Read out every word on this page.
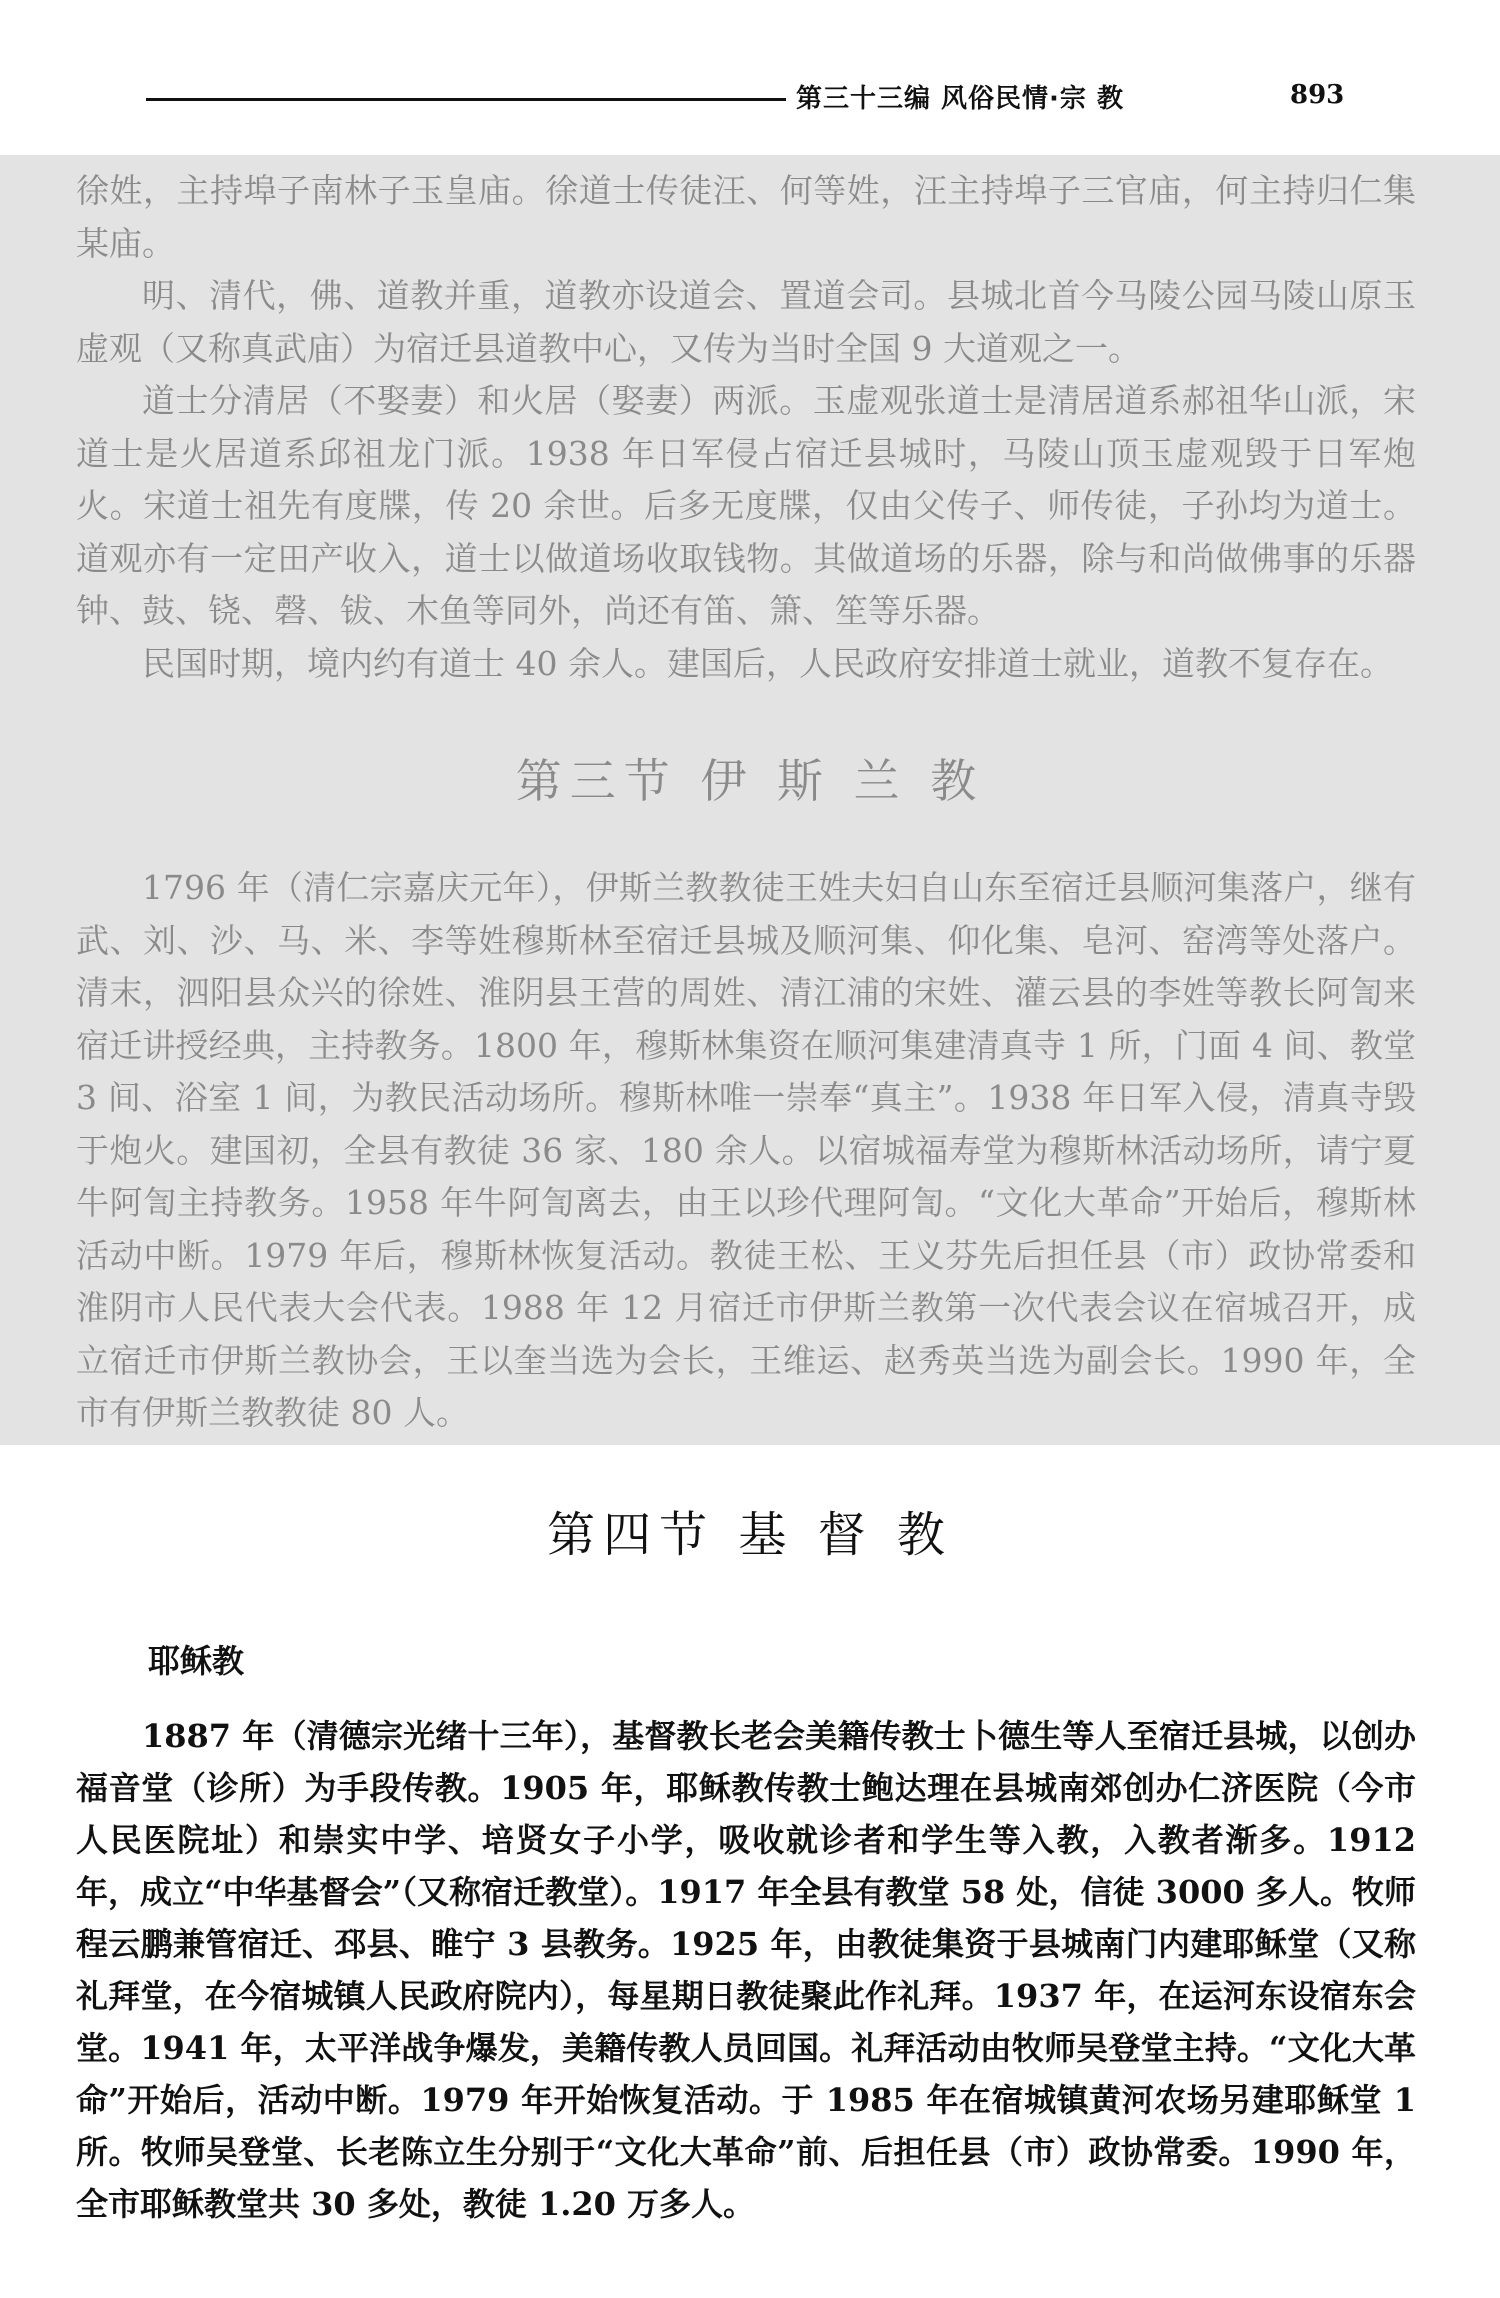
第三十三编 风俗民情·宗 教	893

徐姓，主持埠子南林子玉皇庙。徐道士传徒汪、何等姓，汪主持埠子三官庙，何主持归仁集某庙。

明、清代，佛、道教并重，道教亦设道会、置道会司。县城北首今马陵公园马陵山原玉虚观（又称真武庙）为宿迁县道教中心，又传为当时全国 9 大道观之一。

道士分清居（不娶妻）和火居（娶妻）两派。玉虚观张道士是清居道系郝祖华山派，宋道士是火居道系邱祖龙门派。1938 年日军侵占宿迁县城时，马陵山顶玉虚观毁于日军炮火。宋道士祖先有度牒，传 20 余世。后多无度牒，仅由父传子、师传徒，子孙均为道士。道观亦有一定田产收入，道士以做道场收取钱物。其做道场的乐器，除与和尚做佛事的乐器钟、鼓、铙、磬、钹、木鱼等同外，尚还有笛、箫、笙等乐器。

民国时期，境内约有道士 40 余人。建国后，人民政府安排道士就业，道教不复存在。

第三节 伊 斯 兰 教

1796 年（清仁宗嘉庆元年），伊斯兰教教徒王姓夫妇自山东至宿迁县顺河集落户，继有武、刘、沙、马、米、李等姓穆斯林至宿迁县城及顺河集、仰化集、皂河、窑湾等处落户。清末，泗阳县众兴的徐姓、淮阴县王营的周姓、清江浦的宋姓、灌云县的李姓等教长阿訇来宿迁讲授经典，主持教务。1800 年，穆斯林集资在顺河集建清真寺 1 所，门面 4 间、教堂 3 间、浴室 1 间，为教民活动场所。穆斯林唯一崇奉“真主”。1938 年日军入侵，清真寺毁于炮火。建国初，全县有教徒 36 家、180 余人。以宿城福寿堂为穆斯林活动场所，请宁夏牛阿訇主持教务。1958 年牛阿訇离去，由王以珍代理阿訇。“文化大革命”开始后，穆斯林活动中断。1979 年后，穆斯林恢复活动。教徒王松、王义芬先后担任县（市）政协常委和淮阴市人民代表大会代表。1988 年 12 月宿迁市伊斯兰教第一次代表会议在宿城召开，成立宿迁市伊斯兰教协会，王以奎当选为会长，王维运、赵秀英当选为副会长。1990 年，全市有伊斯兰教教徒 80 人。

第四节 基 督 教
耶稣教

1887 年（清德宗光绪十三年），基督教长老会美籍传教士卜德生等人至宿迁县城，以创办福音堂（诊所）为手段传教。1905 年，耶稣教传教士鲍达理在县城南郊创办仁济医院（今市人民医院址）和崇实中学、培贤女子小学，吸收就诊者和学生等入教，入教者渐多。1912 年，成立“中华基督会”（又称宿迁教堂）。1917 年全县有教堂 58 处，信徒 3000 多人。牧师程云鹏兼管宿迁、邳县、睢宁 3 县教务。1925 年，由教徒集资于县城南门内建耶稣堂（又称礼拜堂，在今宿城镇人民政府院内），每星期日教徒聚此作礼拜。1937 年，在运河东设宿东会堂。1941 年，太平洋战争爆发，美籍传教人员回国。礼拜活动由牧师吴登堂主持。“文化大革命”开始后，活动中断。1979 年开始恢复活动。于 1985 年在宿城镇黄河农场另建耶稣堂 1 所。牧师吴登堂、长老陈立生分别于“文化大革命”前、后担任县（市）政协常委。1990 年，全市耶稣教堂共 30 多处，教徒 1.20 万多人。
